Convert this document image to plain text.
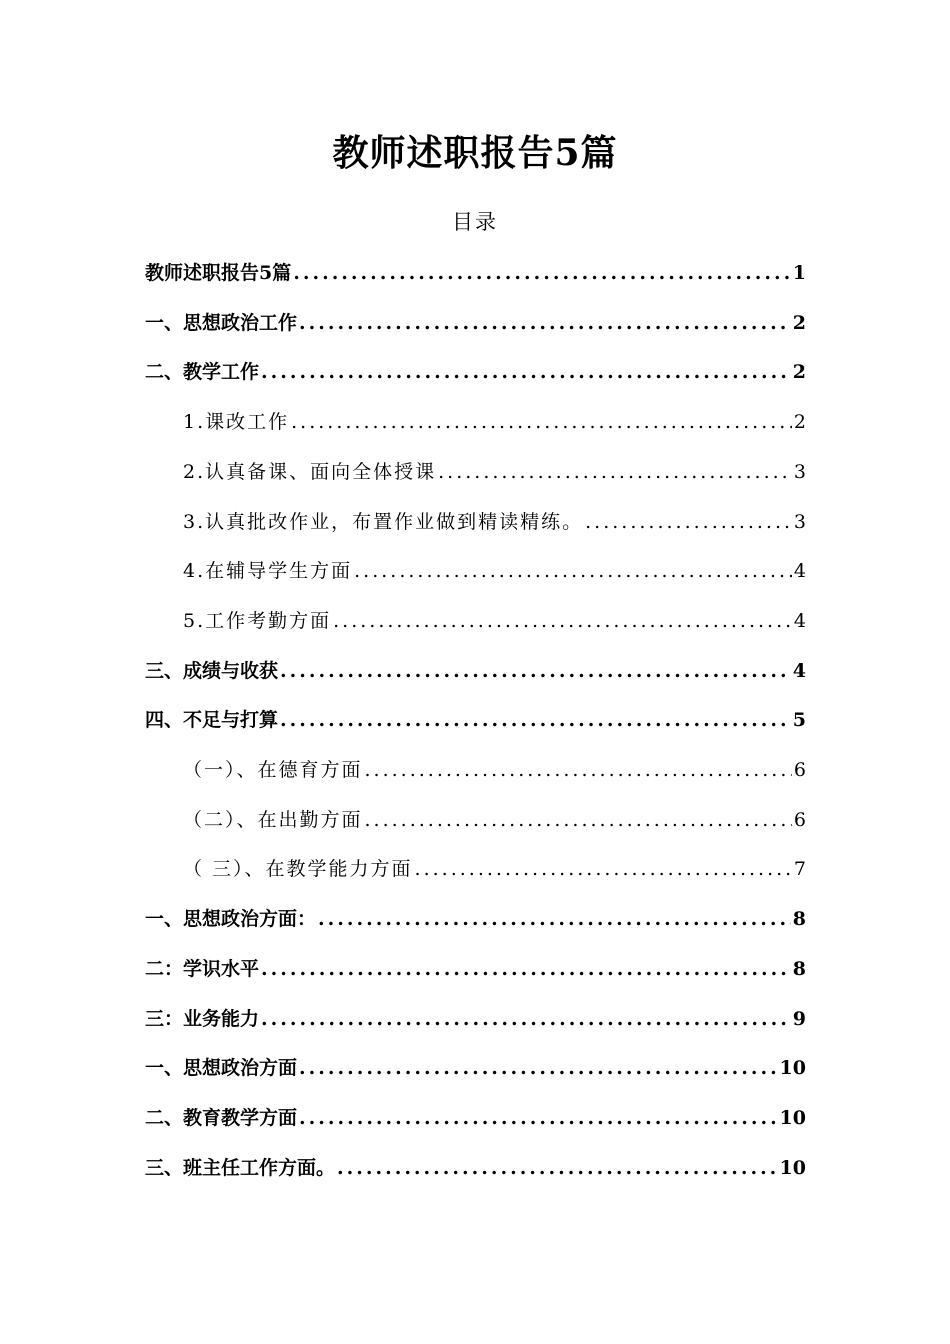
教师述职报告5篇
目录
教师述职报告5篇 .....	1
一、思想政治工作 .....	2
二、教学工作 .....	2
1.课改工作 .....	2
2.认真备课、面向全体授课 .....	3
3.认真批改作业，布置作业做到精读精练。 .....	3
4.在辅导学生方面 .....	4
5.工作考勤方面 .....	4
三、成绩与收获 .....	4
四、不足与打算 .....	5
（一）、在德育方面 .....	6
（二）、在出勤方面 .....	6
（ 三）、在教学能力方面 .....	7
一、思想政治方面： .....	8
二：学识水平 .....	8
三：业务能力 .....	9
一、思想政治方面 .....	10
二、教育教学方面 .....	10
三、班主任工作方面。 .....	10
